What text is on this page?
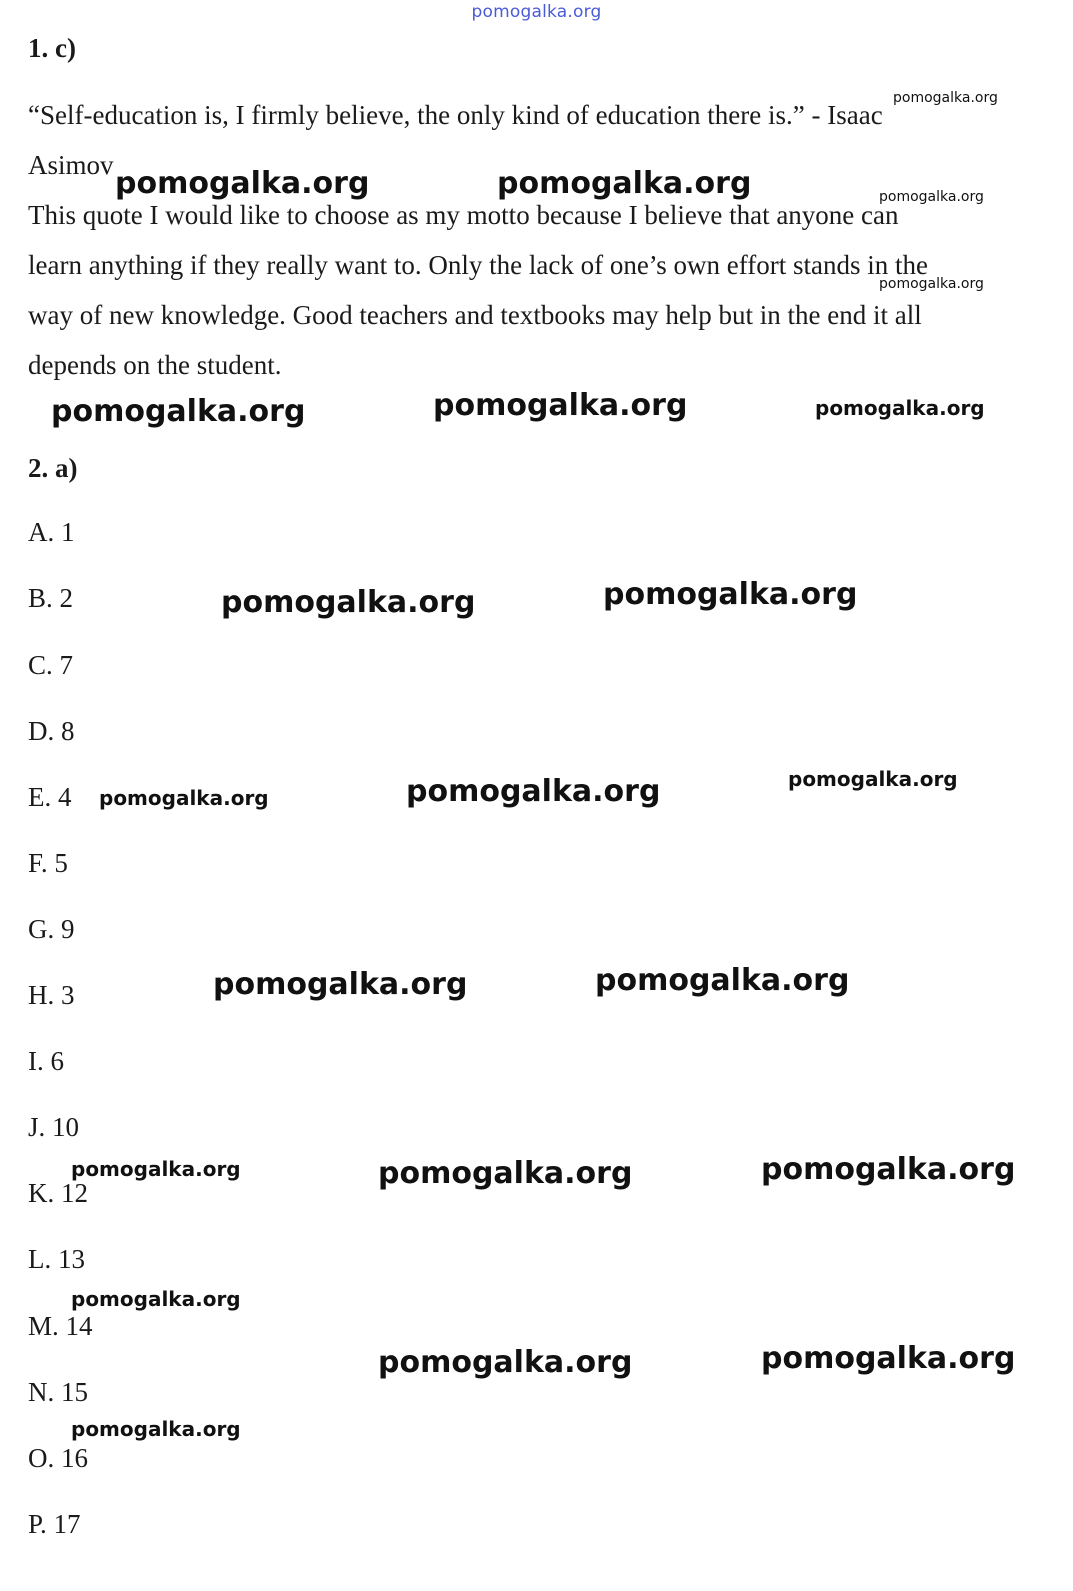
pomogalka.org
1. c)

“Self-education is, I firmly believe, the only kind of education there is.” - Isaac

Asimov

This quote I would like to choose as my motto because I believe that anyone can

learn anything if they really want to. Only the lack of one’s own effort stands in the

way of new knowledge. Good teachers and textbooks may help but in the end it all

depends on the student.

2. a)
A. 1
B. 2
C. 7
D. 8
E. 4
F. 5
G. 9
H. 3
I. 6
J. 10
K. 12
L. 13
M. 14
N. 15
O. 16
P. 17
pomogalka.org
pomogalka.org	pomogalka.org	pomogalka.org
pomogalka.org
pomogalka.org	pomogalka.org	pomogalka.org
pomogalka.org	pomogalka.org
pomogalka.org	pomogalka.org	pomogalka.org
pomogalka.org	pomogalka.org
pomogalka.org	pomogalka.org	pomogalka.org
pomogalka.org
pomogalka.org	pomogalka.org
pomogalka.org
